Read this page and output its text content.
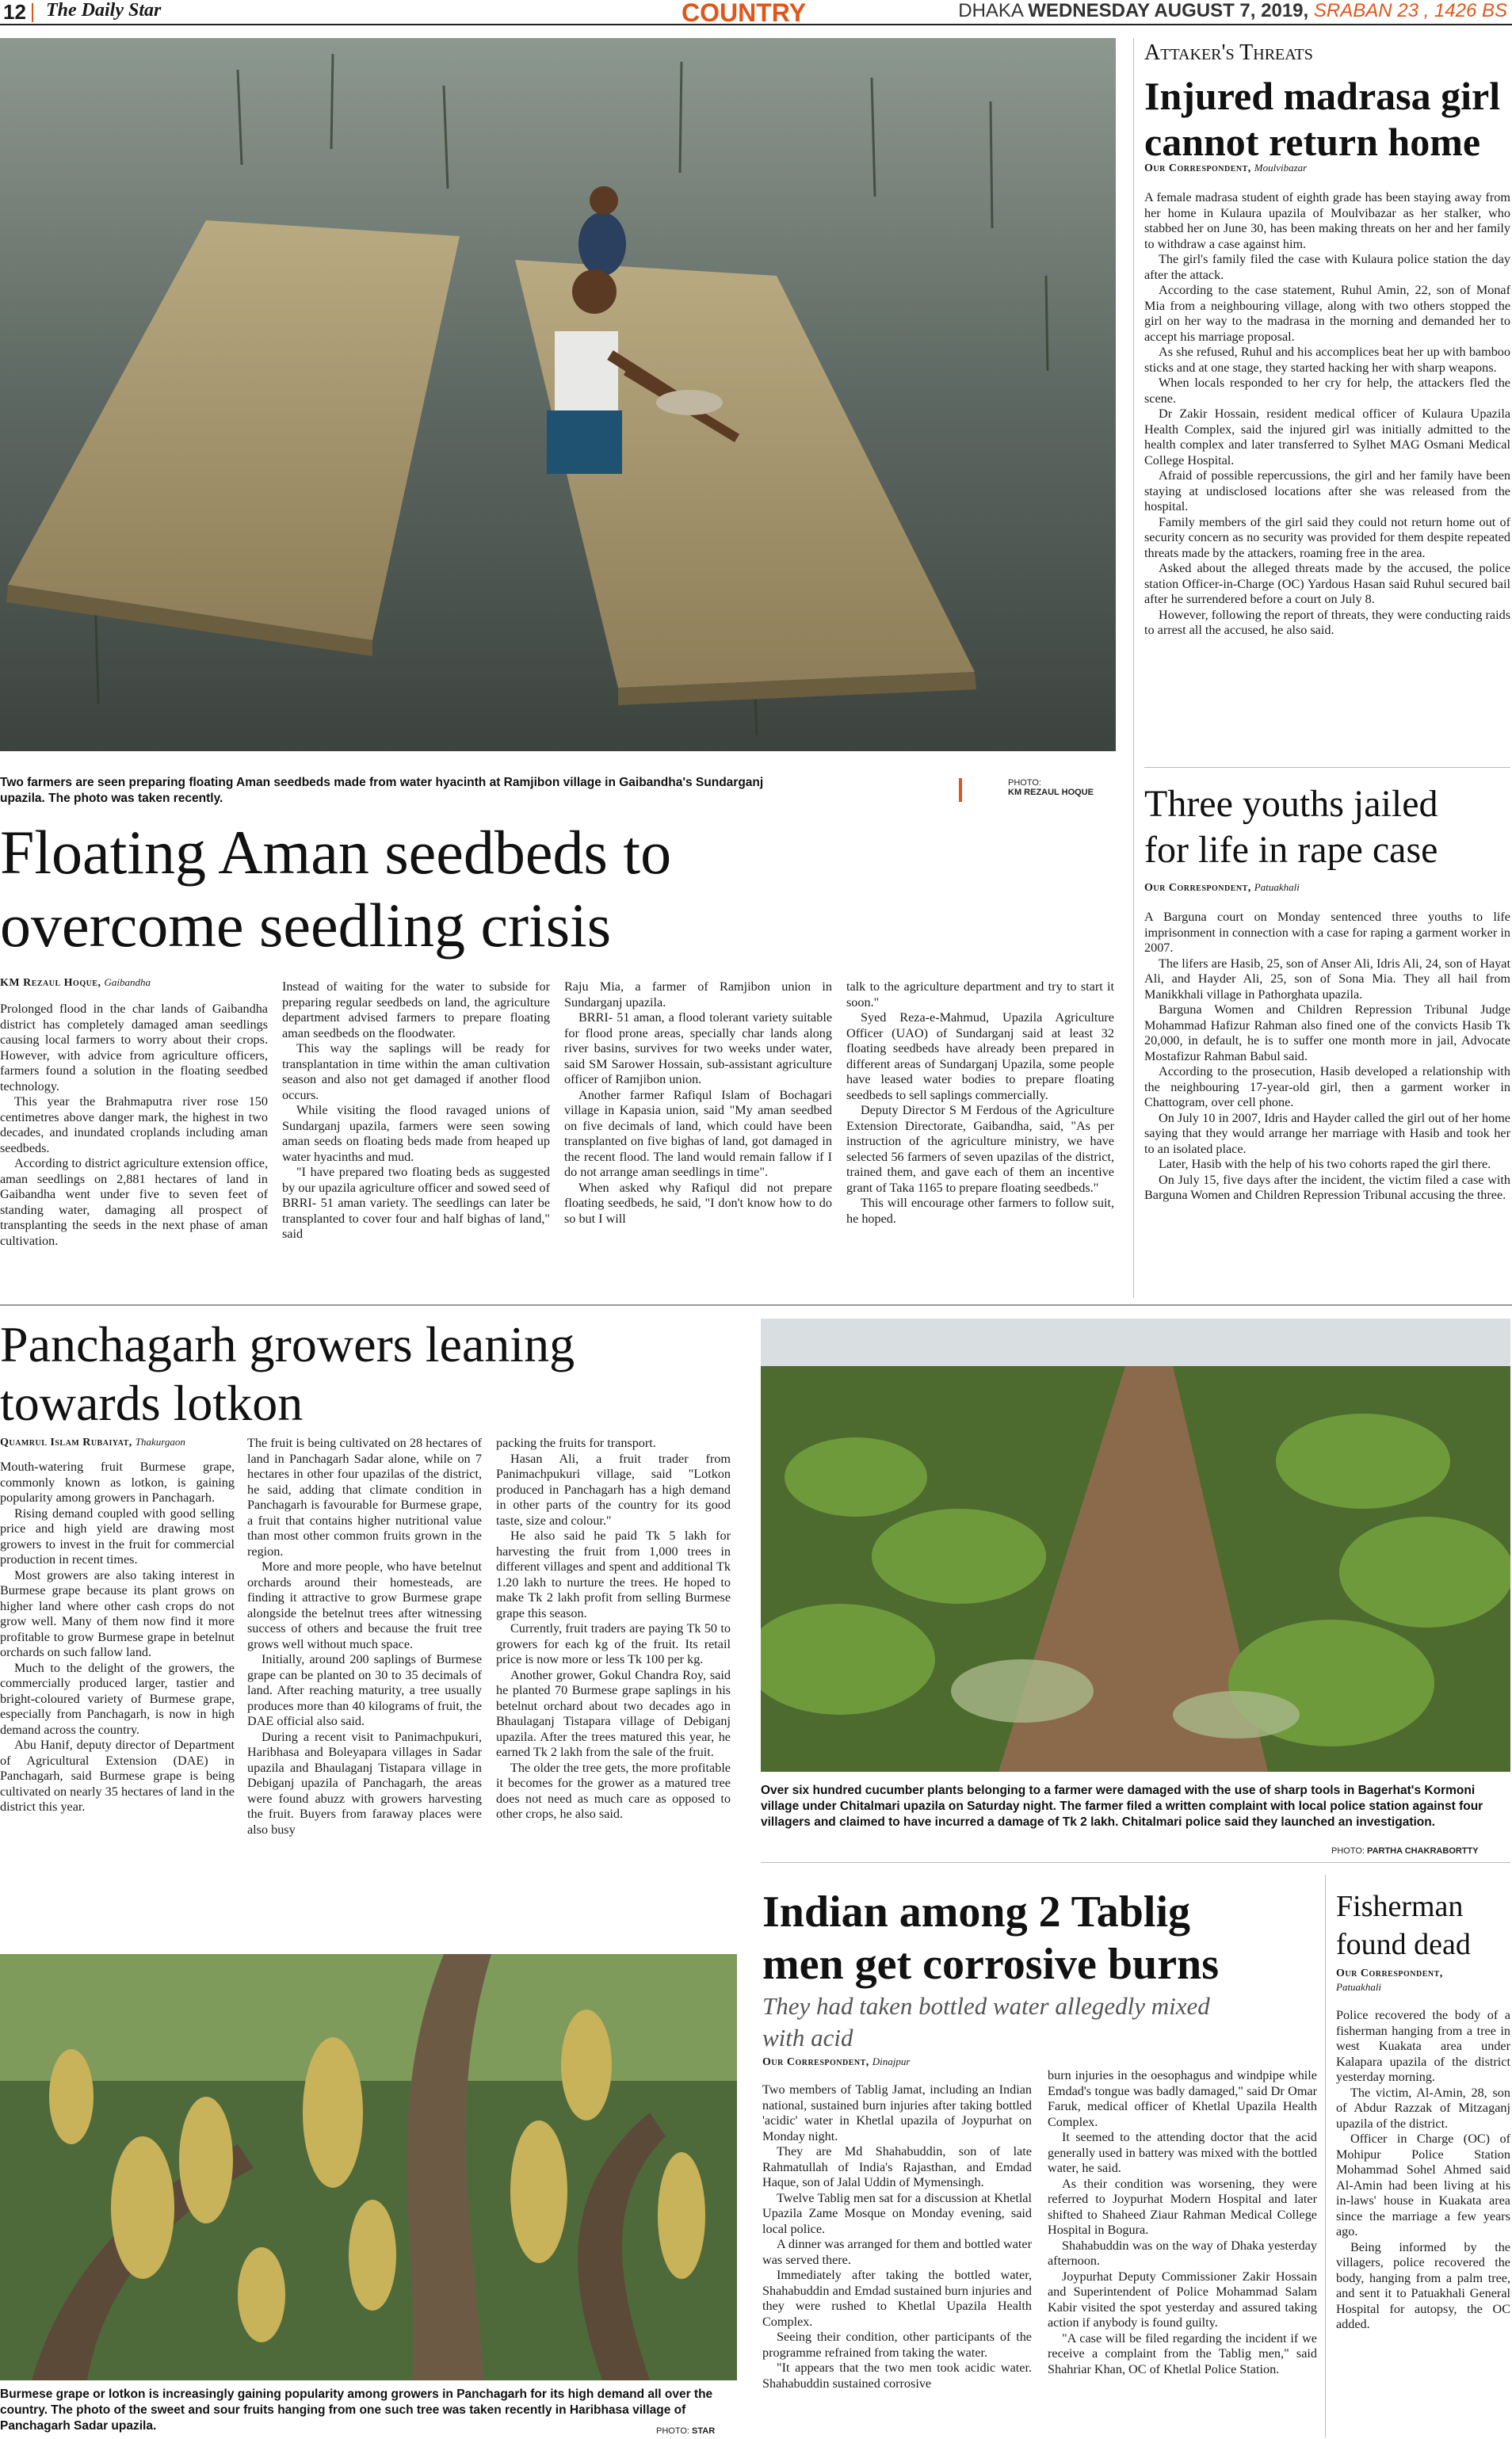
12 The Daily Star	COUNTRY	DHAKA WEDNESDAY AUGUST 7, 2019, SRABAN 23 , 1426 BS
Two farmers are seen preparing floating Aman seedbeds made from water hyacinth at Ramjibon village in Gaibandha's Sundarganj upazila. The photo was taken recently.
PHOTO:
KM REZAUL HOQUE
Floating Aman seedbeds to
overcome seedling crisis
KM Rezaul Hoque, Gaibandha

Prolonged flood in the char lands of Gaibandha district has completely damaged aman seedlings causing local farmers to worry about their crops. However, with advice from agriculture officers, farmers found a solution in the floating seedbed technology.

This year the Brahmaputra river rose 150 centimetres above danger mark, the highest in two decades, and inundated croplands including aman seedbeds.

According to district agriculture extension office, aman seedlings on 2,881 hectares of land in Gaibandha went under five to seven feet of standing water, damaging all prospect of transplanting the seeds in the next phase of aman cultivation.

Instead of waiting for the water to subside for preparing regular seedbeds on land, the agriculture department advised farmers to prepare floating aman seedbeds on the floodwater.

This way the saplings will be ready for transplantation in time within the aman cultivation season and also not get damaged if another flood occurs.

While visiting the flood ravaged unions of Sundarganj upazila, farmers were seen sowing aman seeds on floating beds made from heaped up water hyacinths and mud.

"I have prepared two floating beds as suggested by our upazila agriculture officer and sowed seed of BRRI- 51 aman variety. The seedlings can later be transplanted to cover four and half bighas of land," said

Raju Mia, a farmer of Ramjibon union in Sundarganj upazila.

BRRI- 51 aman, a flood tolerant variety suitable for flood prone areas, specially char lands along river basins, survives for two weeks under water, said SM Sarower Hossain, sub-assistant agriculture officer of Ramjibon union.

Another farmer Rafiqul Islam of Bochagari village in Kapasia union, said "My aman seedbed on five decimals of land, which could have been transplanted on five bighas of land, got damaged in the recent flood. The land would remain fallow if I do not arrange aman seedlings in time".

When asked why Rafiqul did not prepare floating seedbeds, he said, "I don't know how to do so but I will

talk to the agriculture department and try to start it soon."

Syed Reza-e-Mahmud, Upazila Agriculture Officer (UAO) of Sundarganj said at least 32 floating seedbeds have already been prepared in different areas of Sundarganj Upazila, some people have leased water bodies to prepare floating seedbeds to sell saplings commercially.

Deputy Director S M Ferdous of the Agriculture Extension Directorate, Gaibandha, said, "As per instruction of the agriculture ministry, we have selected 56 farmers of seven upazilas of the district, trained them, and gave each of them an incentive grant of Taka 1165 to prepare floating seedbeds."

This will encourage other farmers to follow suit, he hoped.

Attaker's Threats
Injured madrasa girl
cannot return home
Our Correspondent, Moulvibazar

A female madrasa student of eighth grade has been staying away from her home in Kulaura upazila of Moulvibazar as her stalker, who stabbed her on June 30, has been making threats on her and her family to withdraw a case against him.

The girl's family filed the case with Kulaura police station the day after the attack.

According to the case statement, Ruhul Amin, 22, son of Monaf Mia from a neighbouring village, along with two others stopped the girl on her way to the madrasa in the morning and demanded her to accept his marriage proposal.

As she refused, Ruhul and his accomplices beat her up with bamboo sticks and at one stage, they started hacking her with sharp weapons.

When locals responded to her cry for help, the attackers fled the scene.

Dr Zakir Hossain, resident medical officer of Kulaura Upazila Health Complex, said the injured girl was initially admitted to the health complex and later transferred to Sylhet MAG Osmani Medical College Hospital.

Afraid of possible repercussions, the girl and her family have been staying at undisclosed locations after she was released from the hospital.

Family members of the girl said they could not return home out of security concern as no security was provided for them despite repeated threats made by the attackers, roaming free in the area.

Asked about the alleged threats made by the accused, the police station Officer-in-Charge (OC) Yardous Hasan said Ruhul secured bail after he surrendered before a court on July 8.

However, following the report of threats, they were conducting raids to arrest all the accused, he also said.

Three youths jailed
for life in rape case
Our Correspondent, Patuakhali

A Barguna court on Monday sentenced three youths to life imprisonment in connection with a case for raping a garment worker in 2007.

The lifers are Hasib, 25, son of Anser Ali, Idris Ali, 24, son of Hayat Ali, and Hayder Ali, 25, son of Sona Mia. They all hail from Manikkhali village in Pathorghata upazila.

Barguna Women and Children Repression Tribunal Judge Mohammad Hafizur Rahman also fined one of the convicts Hasib Tk 20,000, in default, he is to suffer one month more in jail, Advocate Mostafizur Rahman Babul said.

According to the prosecution, Hasib developed a relationship with the neighbouring 17-year-old girl, then a garment worker in Chattogram, over cell phone.

On July 10 in 2007, Idris and Hayder called the girl out of her home saying that they would arrange her marriage with Hasib and took her to an isolated place.

Later, Hasib with the help of his two cohorts raped the girl there.

On July 15, five days after the incident, the victim filed a case with Barguna Women and Children Repression Tribunal accusing the three.

Panchagarh growers leaning
towards lotkon
Quamrul Islam Rubaiyat, Thakurgaon

Mouth-watering fruit Burmese grape, commonly known as lotkon, is gaining popularity among growers in Panchagarh.

Rising demand coupled with good selling price and high yield are drawing most growers to invest in the fruit for commercial production in recent times.

Most growers are also taking interest in Burmese grape because its plant grows on higher land where other cash crops do not grow well. Many of them now find it more profitable to grow Burmese grape in betelnut orchards on such fallow land.

Much to the delight of the growers, the commercially produced larger, tastier and bright-coloured variety of Burmese grape, especially from Panchagarh, is now in high demand across the country.

Abu Hanif, deputy director of Department of Agricultural Extension (DAE) in Panchagarh, said Burmese grape is being cultivated on nearly 35 hectares of land in the district this year.

The fruit is being cultivated on 28 hectares of land in Panchagarh Sadar alone, while on 7 hectares in other four upazilas of the district, he said, adding that climate condition in Panchagarh is favourable for Burmese grape, a fruit that contains higher nutritional value than most other common fruits grown in the region.

More and more people, who have betelnut orchards around their homesteads, are finding it attractive to grow Burmese grape alongside the betelnut trees after witnessing success of others and because the fruit tree grows well without much space.

Initially, around 200 saplings of Burmese grape can be planted on 30 to 35 decimals of land. After reaching maturity, a tree usually produces more than 40 kilograms of fruit, the DAE official also said.

During a recent visit to Panimachpukuri, Haribhasa and Boleyapara villages in Sadar upazila and Bhaulaganj Tistapara village in Debiganj upazila of Panchagarh, the areas were found abuzz with growers harvesting the fruit. Buyers from faraway places were also busy

packing the fruits for transport.

Hasan Ali, a fruit trader from Panimachpukuri village, said "Lotkon produced in Panchagarh has a high demand in other parts of the country for its good taste, size and colour."

He also said he paid Tk 5 lakh for harvesting the fruit from 1,000 trees in different villages and spent and additional Tk 1.20 lakh to nurture the trees. He hoped to make Tk 2 lakh profit from selling Burmese grape this season.

Currently, fruit traders are paying Tk 50 to growers for each kg of the fruit. Its retail price is now more or less Tk 100 per kg.

Another grower, Gokul Chandra Roy, said he planted 70 Burmese grape saplings in his betelnut orchard about two decades ago in Bhaulaganj Tistapara village of Debiganj upazila. After the trees matured this year, he earned Tk 2 lakh from the sale of the fruit.

The older the tree gets, the more profitable it becomes for the grower as a matured tree does not need as much care as opposed to other crops, he also said.

Burmese grape or lotkon is increasingly gaining popularity among growers in Panchagarh for its high demand all over the country. The photo of the sweet and sour fruits hanging from one such tree was taken recently in Haribhasa village of Panchagarh Sadar upazila.	PHOTO: STAR
Over six hundred cucumber plants belonging to a farmer were damaged with the use of sharp tools in Bagerhat's Kormoni village under Chitalmari upazila on Saturday night. The farmer filed a written complaint with local police station against four villagers and claimed to have incurred a damage of Tk 2 lakh. Chitalmari police said they launched an investigation.
PHOTO: PARTHA CHAKRABORTTY
Indian among 2 Tablig
men get corrosive burns
They had taken bottled water allegedly mixed
with acid
Our Correspondent, Dinajpur

Two members of Tablig Jamat, including an Indian national, sustained burn injuries after taking bottled 'acidic' water in Khetlal upazila of Joypurhat on Monday night.

They are Md Shahabuddin, son of late Rahmatullah of India's Rajasthan, and Emdad Haque, son of Jalal Uddin of Mymensingh.

Twelve Tablig men sat for a discussion at Khetlal Upazila Zame Mosque on Monday evening, said local police.

A dinner was arranged for them and bottled water was served there.

Immediately after taking the bottled water, Shahabuddin and Emdad sustained burn injuries and they were rushed to Khetlal Upazila Health Complex.

Seeing their condition, other participants of the programme refrained from taking the water.

"It appears that the two men took acidic water. Shahabuddin sustained corrosive

burn injuries in the oesophagus and windpipe while Emdad's tongue was badly damaged," said Dr Omar Faruk, medical officer of Khetlal Upazila Health Complex.

It seemed to the attending doctor that the acid generally used in battery was mixed with the bottled water, he said.

As their condition was worsening, they were referred to Joypurhat Modern Hospital and later shifted to Shaheed Ziaur Rahman Medical College Hospital in Bogura.

Shahabuddin was on the way of Dhaka yesterday afternoon.

Joypurhat Deputy Commissioner Zakir Hossain and Superintendent of Police Mohammad Salam Kabir visited the spot yesterday and assured taking action if anybody is found guilty.

"A case will be filed regarding the incident if we receive a complaint from the Tablig men," said Shahriar Khan, OC of Khetlal Police Station.

Fisherman
found dead
Our Correspondent,
Patuakhali

Police recovered the body of a fisherman hanging from a tree in west Kuakata area under Kalapara upazila of the district yesterday morning.

The victim, Al-Amin, 28, son of Abdur Razzak of Mitzaganj upazila of the district.

Officer in Charge (OC) of Mohipur Police Station Mohammad Sohel Ahmed said Al-Amin had been living at his in-laws' house in Kuakata area since the marriage a few years ago.

Being informed by the villagers, police recovered the body, hanging from a palm tree, and sent it to Patuakhali General Hospital for autopsy, the OC added.
